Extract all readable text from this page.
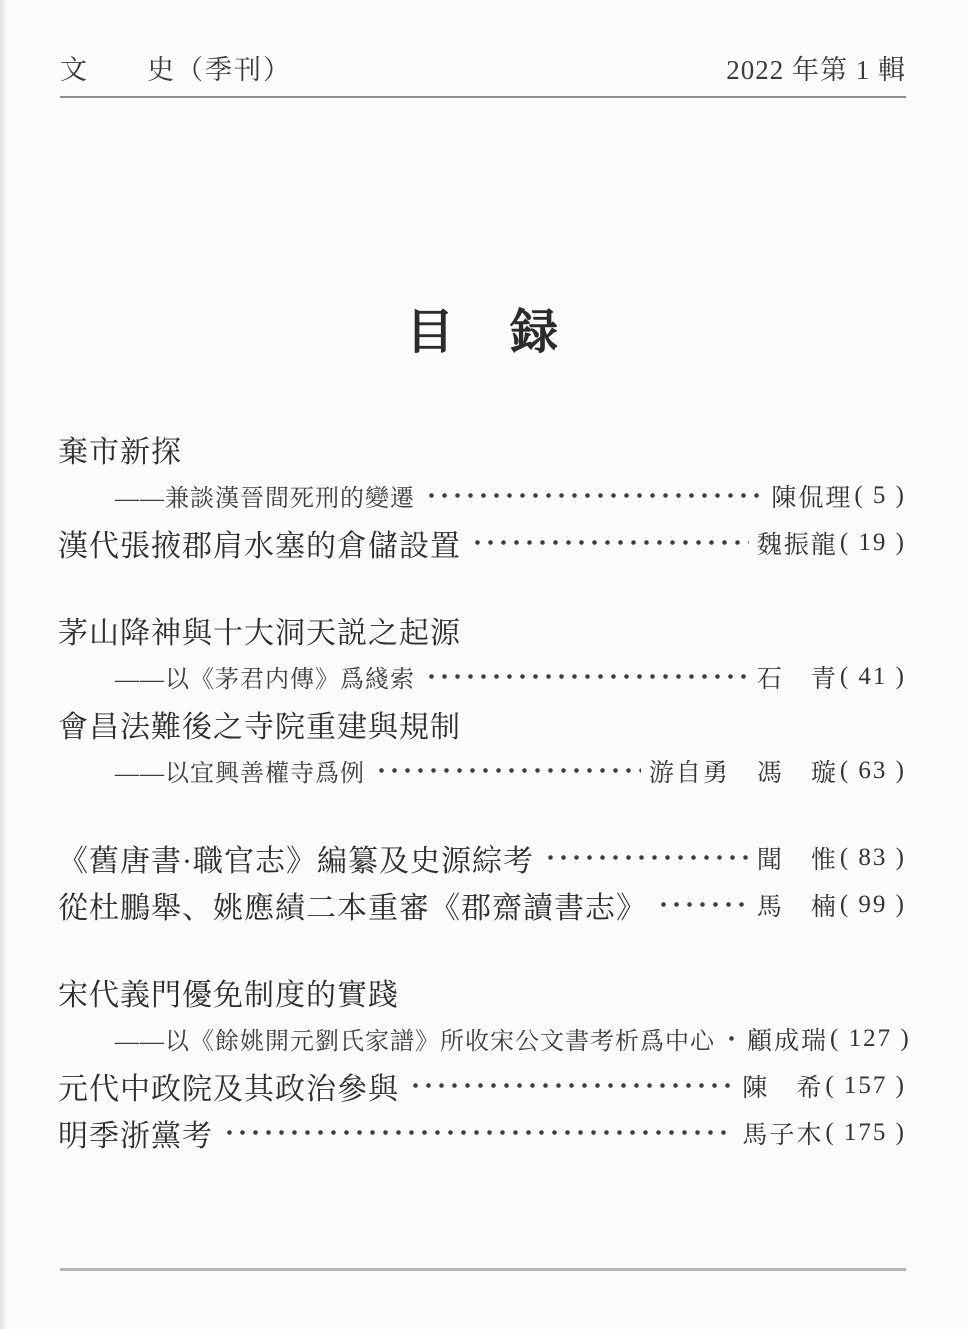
文　　史（季刊）	2022 年第 1 輯
目　録
棄市新探
——兼談漢晉間死刑的變遷	陳侃理 ( 5 )
漢代張掖郡肩水塞的倉儲設置	魏振龍 ( 19 )
茅山降神與十大洞天説之起源
——以《茅君内傳》爲綫索	石　青 ( 41 )
會昌法難後之寺院重建與規制
——以宜興善權寺爲例	游自勇　馮　璇 ( 63 )
《舊唐書·職官志》編纂及史源綜考	聞　惟 ( 83 )
從杜鵬舉、姚應績二本重審《郡齋讀書志》	馬　楠 ( 99 )
宋代義門優免制度的實踐
——以《餘姚開元劉氏家譜》所收宋公文書考析爲中心 顧成瑞 ( 127 )
元代中政院及其政治參與	陳　希 ( 157 )
明季浙黨考	馬子木 ( 175 )
